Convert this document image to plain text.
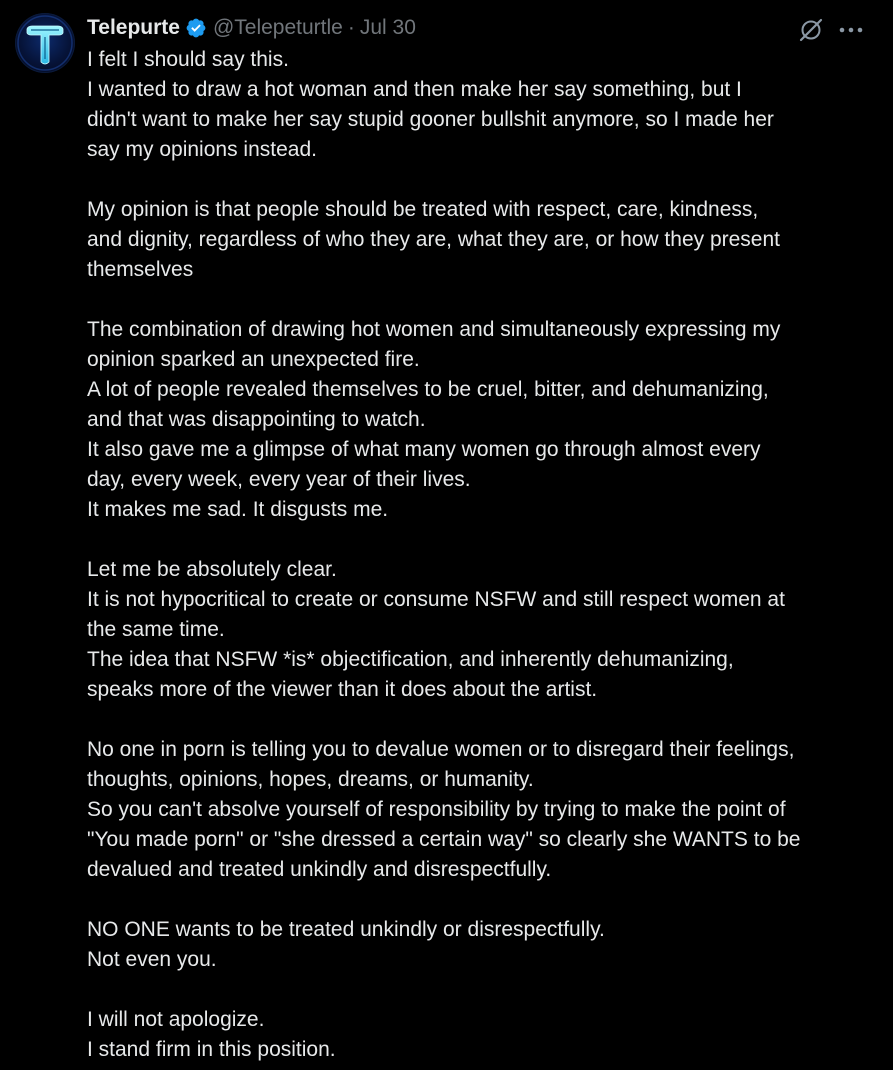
Telepurte @Telepeturtle · Jul 30
I felt I should say this.
I wanted to draw a hot woman and then make her say something, but I
didn't want to make her say stupid gooner bullshit anymore, so I made her
say my opinions instead.
My opinion is that people should be treated with respect, care, kindness,
and dignity, regardless of who they are, what they are, or how they present
themselves
The combination of drawing hot women and simultaneously expressing my
opinion sparked an unexpected fire.
A lot of people revealed themselves to be cruel, bitter, and dehumanizing,
and that was disappointing to watch.
It also gave me a glimpse of what many women go through almost every
day, every week, every year of their lives.
It makes me sad. It disgusts me.
Let me be absolutely clear.
It is not hypocritical to create or consume NSFW and still respect women at
the same time.
The idea that NSFW *is* objectification, and inherently dehumanizing,
speaks more of the viewer than it does about the artist.
No one in porn is telling you to devalue women or to disregard their feelings,
thoughts, opinions, hopes, dreams, or humanity.
So you can't absolve yourself of responsibility by trying to make the point of
"You made porn" or "she dressed a certain way" so clearly she WANTS to be
devalued and treated unkindly and disrespectfully.
NO ONE wants to be treated unkindly or disrespectfully.
Not even you.
I will not apologize.
I stand firm in this position.
